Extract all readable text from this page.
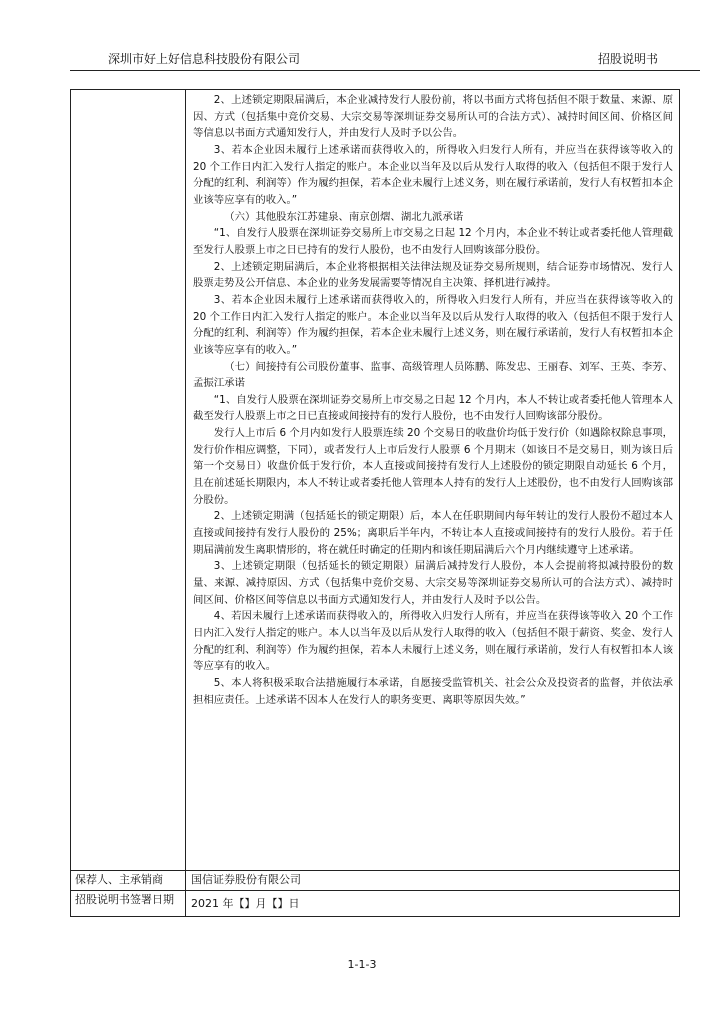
深圳市好上好信息科技股份有限公司	招股说明书

2、上述锁定期限届满后，本企业减持发行人股份前，将以书面方式将包括但不限于数量、来源、原因、方式（包括集中竞价交易、大宗交易等深圳证券交易所认可的合法方式）、减持时间区间、价格区间等信息以书面方式通知发行人，并由发行人及时予以公告。

3、若本企业因未履行上述承诺而获得收入的，所得收入归发行人所有，并应当在获得该等收入的 20 个工作日内汇入发行人指定的账户。本企业以当年及以后从发行人取得的收入（包括但不限于发行人分配的红利、利润等）作为履约担保，若本企业未履行上述义务，则在履行承诺前，发行人有权暂扣本企业该等应享有的收入。”

（六）其他股东江苏建泉、南京创熠、湖北九派承诺

“1、自发行人股票在深圳证券交易所上市交易之日起 12 个月内，本企业不转让或者委托他人管理截至发行人股票上市之日已持有的发行人股份，也不由发行人回购该部分股份。

2、上述锁定期届满后，本企业将根据相关法律法规及证券交易所规则，结合证券市场情况、发行人股票走势及公开信息、本企业的业务发展需要等情况自主决策、择机进行减持。

3、若本企业因未履行上述承诺而获得收入的，所得收入归发行人所有，并应当在获得该等收入的 20 个工作日内汇入发行人指定的账户。本企业以当年及以后从发行人取得的收入（包括但不限于发行人分配的红利、利润等）作为履约担保，若本企业未履行上述义务，则在履行承诺前，发行人有权暂扣本企业该等应享有的收入。”

（七）间接持有公司股份董事、监事、高级管理人员陈鹏、陈发忠、王丽春、刘军、王英、李芳、孟振江承诺

“1、自发行人股票在深圳证券交易所上市交易之日起 12 个月内，本人不转让或者委托他人管理本人截至发行人股票上市之日已直接或间接持有的发行人股份，也不由发行人回购该部分股份。

发行人上市后 6 个月内如发行人股票连续 20 个交易日的收盘价均低于发行价（如遇除权除息事项，发行价作相应调整，下同），或者发行人上市后发行人股票 6 个月期末（如该日不是交易日，则为该日后第一个交易日）收盘价低于发行价，本人直接或间接持有发行人上述股份的锁定期限自动延长 6 个月，且在前述延长期限内，本人不转让或者委托他人管理本人持有的发行人上述股份，也不由发行人回购该部分股份。

2、上述锁定期满（包括延长的锁定期限）后，本人在任职期间内每年转让的发行人股份不超过本人直接或间接持有发行人股份的 25%；离职后半年内，不转让本人直接或间接持有的发行人股份。若于任期届满前发生离职情形的，将在就任时确定的任期内和该任期届满后六个月内继续遵守上述承诺。

3、上述锁定期限（包括延长的锁定期限）届满后减持发行人股份，本人会提前将拟减持股份的数量、来源、减持原因、方式（包括集中竞价交易、大宗交易等深圳证券交易所认可的合法方式）、减持时间区间、价格区间等信息以书面方式通知发行人，并由发行人及时予以公告。

4、若因未履行上述承诺而获得收入的，所得收入归发行人所有，并应当在获得该等收入 20 个工作日内汇入发行人指定的账户。本人以当年及以后从发行人取得的收入（包括但不限于薪资、奖金、发行人分配的红利、利润等）作为履约担保，若本人未履行上述义务，则在履行承诺前，发行人有权暂扣本人该等应享有的收入。

5、本人将积极采取合法措施履行本承诺，自愿接受监管机关、社会公众及投资者的监督，并依法承担相应责任。上述承诺不因本人在发行人的职务变更、离职等原因失效。”

保荐人、主承销商	国信证券股份有限公司
招股说明书签署日期	2021 年【】月【】日
1-1-3
